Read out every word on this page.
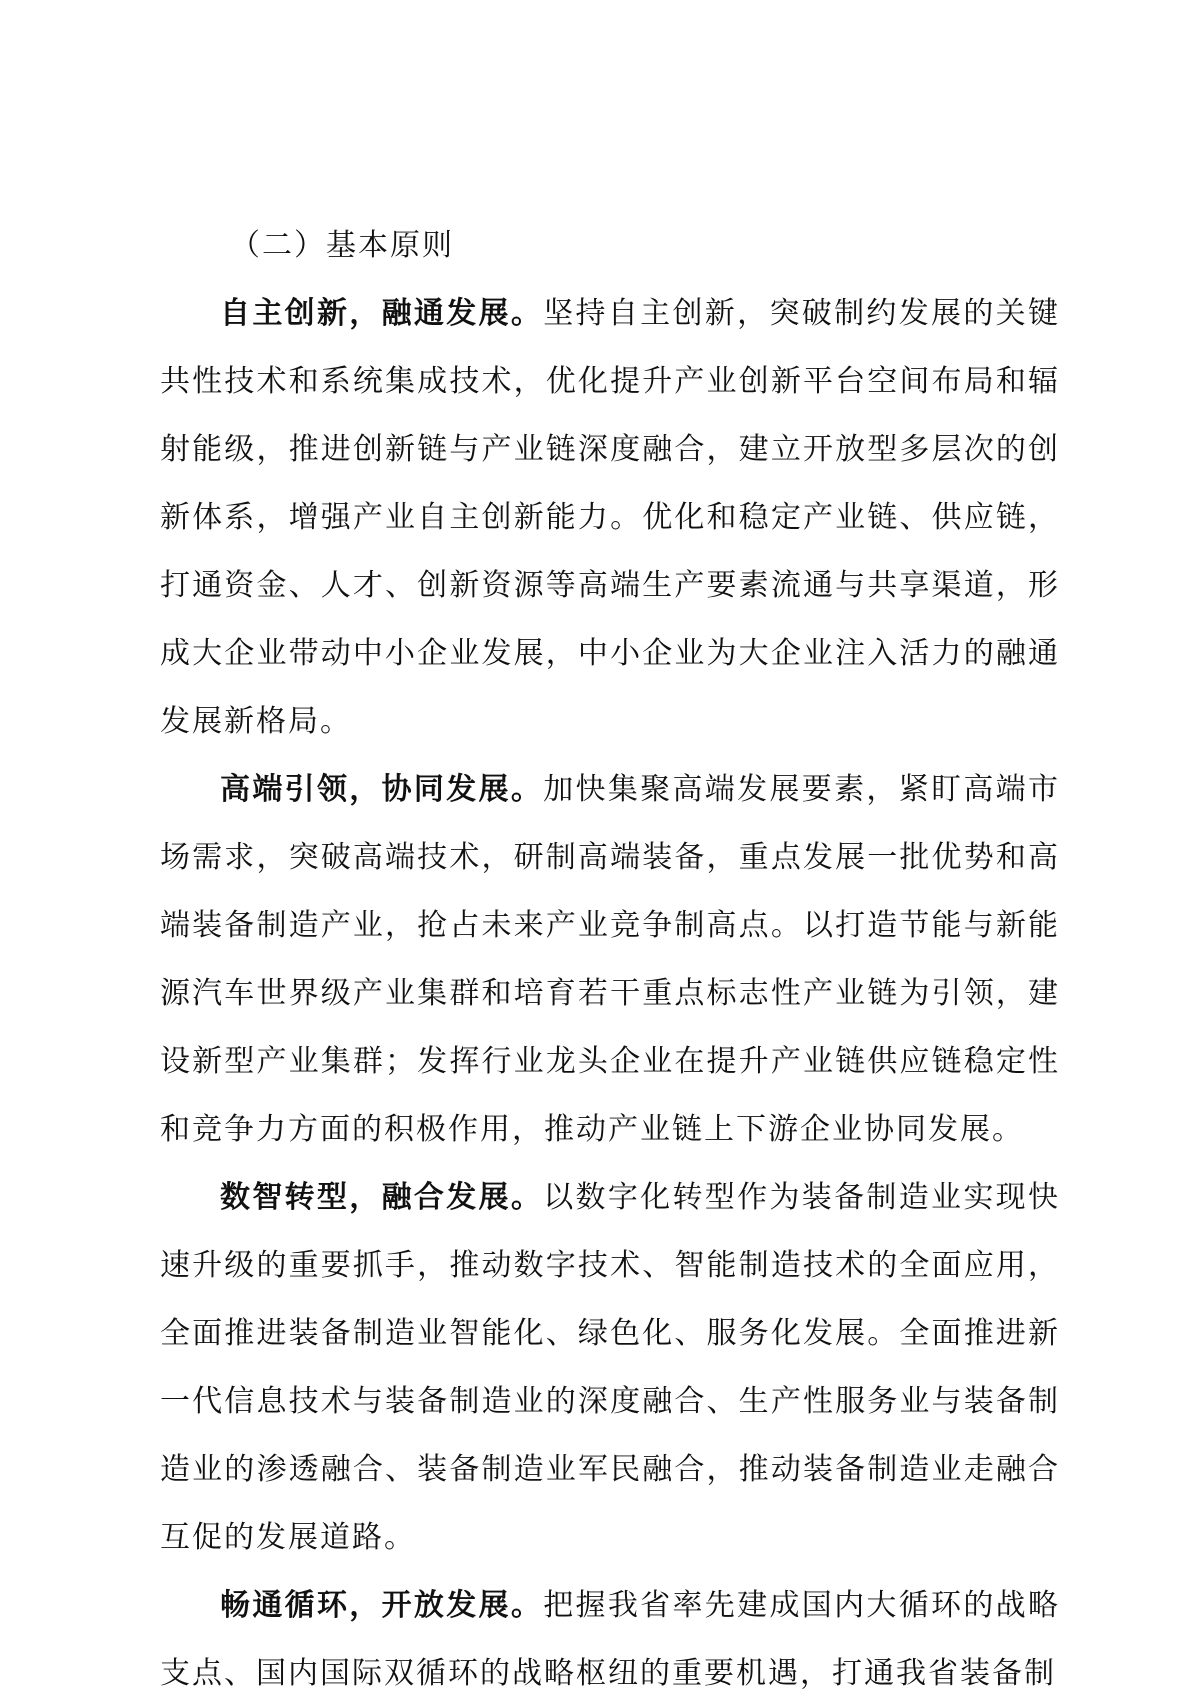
（二）基本原则

自主创新，融通发展。坚持自主创新，突破制约发展的关键共性技术和系统集成技术，优化提升产业创新平台空间布局和辐射能级，推进创新链与产业链深度融合，建立开放型多层次的创新体系，增强产业自主创新能力。优化和稳定产业链、供应链，打通资金、人才、创新资源等高端生产要素流通与共享渠道，形成大企业带动中小企业发展，中小企业为大企业注入活力的融通发展新格局。

高端引领，协同发展。加快集聚高端发展要素，紧盯高端市场需求，突破高端技术，研制高端装备，重点发展一批优势和高端装备制造产业，抢占未来产业竞争制高点。以打造节能与新能源汽车世界级产业集群和培育若干重点标志性产业链为引领，建设新型产业集群；发挥行业龙头企业在提升产业链供应链稳定性和竞争力方面的积极作用，推动产业链上下游企业协同发展。

数智转型，融合发展。以数字化转型作为装备制造业实现快速升级的重要抓手，推动数字技术、智能制造技术的全面应用，全面推进装备制造业智能化、绿色化、服务化发展。全面推进新一代信息技术与装备制造业的深度融合、生产性服务业与装备制造业的渗透融合、装备制造业军民融合，推动装备制造业走融合互促的发展道路。

畅通循环，开放发展。把握我省率先建成国内大循环的战略支点、国内国际双循环的战略枢纽的重要机遇，打通我省装备制
